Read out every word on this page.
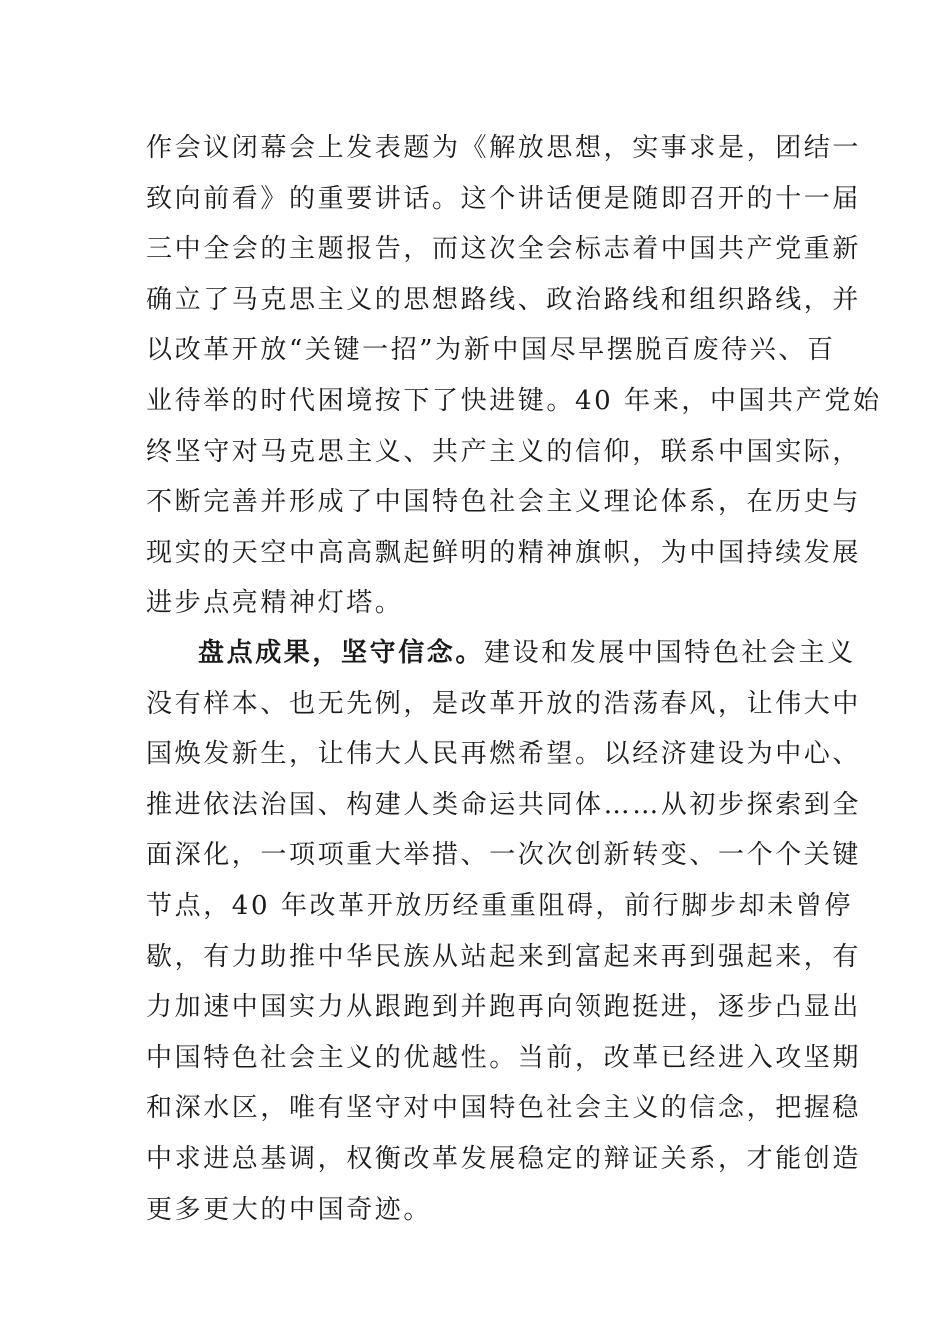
作会议闭幕会上发表题为《解放思想，实事求是，团结一
致向前看》的重要讲话。这个讲话便是随即召开的十一届
三中全会的主题报告，而这次全会标志着中国共产党重新
确立了马克思主义的思想路线、政治路线和组织路线，并
以改革开放“关键一招”为新中国尽早摆脱百废待兴、百
业待举的时代困境按下了快进键。40 年来，中国共产党始
终坚守对马克思主义、共产主义的信仰，联系中国实际，
不断完善并形成了中国特色社会主义理论体系，在历史与
现实的天空中高高飘起鲜明的精神旗帜，为中国持续发展
进步点亮精神灯塔。
盘点成果，坚守信念。建设和发展中国特色社会主义
没有样本、也无先例，是改革开放的浩荡春风，让伟大中
国焕发新生，让伟大人民再燃希望。以经济建设为中心、
推进依法治国、构建人类命运共同体……从初步探索到全
面深化，一项项重大举措、一次次创新转变、一个个关键
节点，40 年改革开放历经重重阻碍，前行脚步却未曾停
歇，有力助推中华民族从站起来到富起来再到强起来，有
力加速中国实力从跟跑到并跑再向领跑挺进，逐步凸显出
中国特色社会主义的优越性。当前，改革已经进入攻坚期
和深水区，唯有坚守对中国特色社会主义的信念，把握稳
中求进总基调，权衡改革发展稳定的辩证关系，才能创造
更多更大的中国奇迹。
